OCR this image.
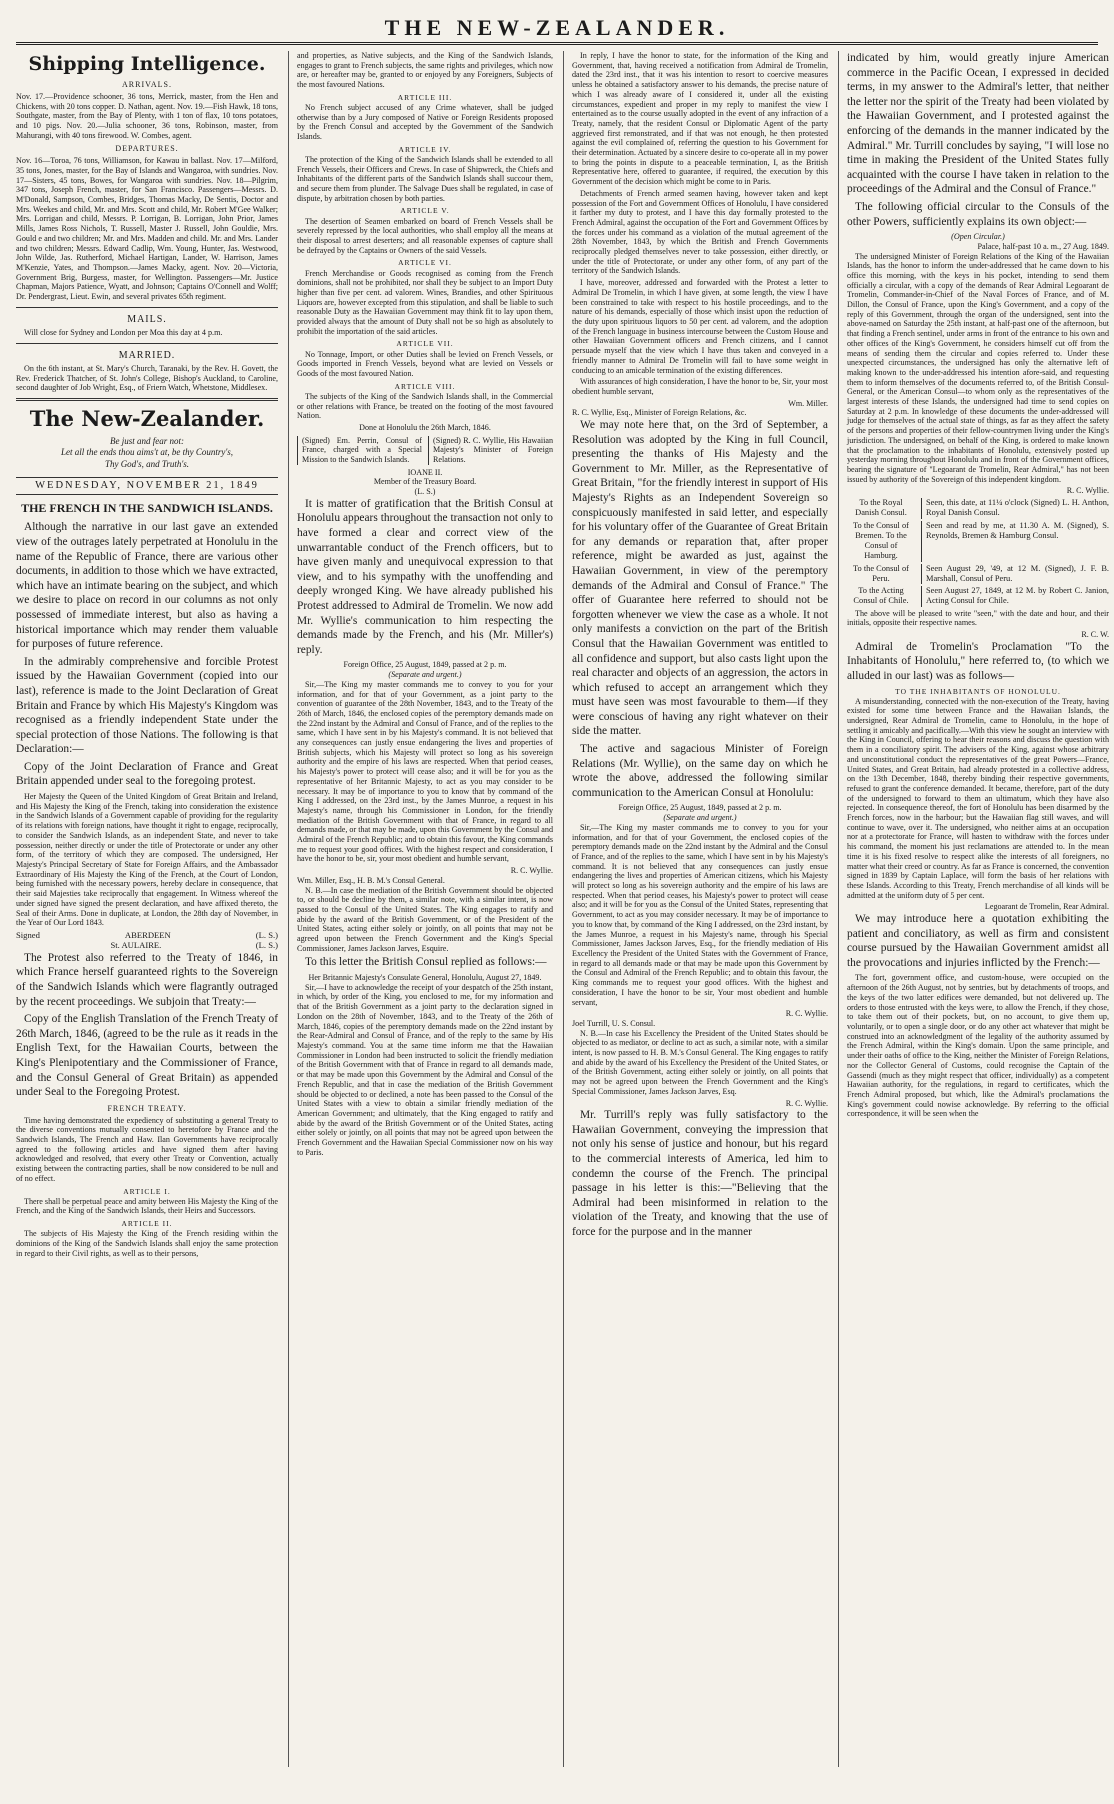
THE NEW-ZEALANDER.
Shipping Intelligence.
ARRIVALS.

Nov. 17.—Providence schooner, 36 tons, Merrick, master, from the Hen and Chickens, with 20 tons copper. D. Nathan, agent. Nov. 19.—Fish Hawk, 18 tons, Southgate, master, from the Bay of Plenty, with 1 ton of flax, 10 tons potatoes, and 10 pigs. Nov. 20.—Julia schooner, 36 tons, Robinson, master, from Mahurangi, with 40 tons firewood. W. Combes, agent.

DEPARTURES.

Nov. 16—Toroa, 76 tons, Williamson, for Kawau in ballast. Nov. 17—Milford, 35 tons, Jones, master, for the Bay of Islands and Wangaroa, with sundries. Nov. 17—Sisters, 45 tons, Bowes, for Wangaroa with sundries. Nov. 18—Pilgrim, 347 tons, Joseph French, master, for San Francisco. Passengers—Messrs. D. M'Donald, Sampson, Combes, Bridges, Thomas Macky, De Sentis, Doctor and Mrs. Weekes and child, Mr. and Mrs. Scott and child, Mr. Robert M'Gee Walker; Mrs. Lorrigan and child, Messrs. P. Lorrigan, B. Lorrigan, John Prior, James Mills, James Ross Nichols, T. Russell, Master J. Russell, John Gouldie, Mrs. Gould e and two children; Mr. and Mrs. Madden and child. Mr. and Mrs. Lander and two children; Messrs. Edward Cadlip, Wm. Young, Hunter, Jas. Westwood, John Wilde, Jas. Rutherford, Michael Hartigan, Lander, W. Harrison, James M'Kenzie, Yates, and Thompson.—James Macky, agent. Nov. 20—Victoria, Government Brig, Burgess, master, for Wellington. Passengers—Mr. Justice Chapman, Majors Patience, Wyatt, and Johnson; Captains O'Connell and Wolff; Dr. Pendergrast, Lieut. Ewin, and several privates 65th regiment.

MAILS.

Will close for Sydney and London per Moa this day at 4 p.m.

MARRIED.

On the 6th instant, at St. Mary's Church, Taranaki, by the Rev. H. Govett, the Rev. Frederick Thatcher, of St. John's College, Bishop's Auckland, to Caroline, second daughter of Job Wright, Esq., of Friern Watch, Whetstone, Middlesex.

The New-Zealander.
Be just and fear not:
Let all the ends thou aims't at, be thy Country's,
Thy God's, and Truth's.
WEDNESDAY, NOVEMBER 21, 1849
THE FRENCH IN THE SANDWICH ISLANDS.

Although the narrative in our last gave an extended view of the outrages lately perpetrated at Honolulu in the name of the Republic of France, there are various other documents, in addition to those which we have extracted, which have an intimate bearing on the subject, and which we desire to place on record in our columns as not only possessed of immediate interest, but also as having a historical importance which may render them valuable for purposes of future reference.

In the admirably comprehensive and forcible Protest issued by the Hawaiian Government (copied into our last), reference is made to the Joint Declaration of Great Britain and France by which His Majesty's Kingdom was recognised as a friendly independent State under the special protection of those Nations. The following is that Declaration:—

Copy of the Joint Declaration of France and Great Britain appended under seal to the foregoing protest.

Her Majesty the Queen of the United Kingdom of Great Britain and Ireland, and His Majesty the King of the French, taking into consideration the existence in the Sandwich Islands of a Government capable of providing for the regularity of its relations with foreign nations, have thought it right to engage, reciprocally, to consider the Sandwich Islands, as an independent State, and never to take possession, neither directly or under the title of Protectorate or under any other form, of the territory of which they are composed. The undersigned, Her Majesty's Principal Secretary of State for Foreign Affairs, and the Ambassador Extraordinary of His Majesty the King of the French, at the Court of London, being furnished with the necessary powers, hereby declare in consequence, that their said Majesties take reciprocally that engagement. In Witness whereof the under signed have signed the present declaration, and have affixed thereto, the Seal of their Arms. Done in duplicate, at London, the 28th day of November, in the Year of Our Lord 1843.

Signed	ABERDEEN	(L. S.)
St. AULAIRE.	(L. S.)

The Protest also referred to the Treaty of 1846, in which France herself guaranteed rights to the Sovereign of the Sandwich Islands which were flagrantly outraged by the recent proceedings. We subjoin that Treaty:—

Copy of the English Translation of the French Treaty of 26th March, 1846, (agreed to be the rule as it reads in the English Text, for the Hawaiian Courts, between the King's Plenipotentiary and the Commissioner of France, and the Consul General of Great Britain) as appended under Seal to the Foregoing Protest.

FRENCH TREATY.

Time having demonstrated the expediency of substituting a general Treaty to the diverse conventions mutually consented to heretofore by France and the Sandwich Islands, The French and Haw. Ilan Governments have reciprocally agreed to the following articles and have signed them after having acknowledged and resolved, that every other Treaty or Convention, actually existing between the contracting parties, shall be now considered to be null and of no effect.

ARTICLE I.

There shall be perpetual peace and amity between His Majesty the King of the French, and the King of the Sandwich Islands, their Heirs and Successors.

ARTICLE II.

The subjects of His Majesty the King of the French residing within the dominions of the King of the Sandwich Islands shall enjoy the same protection in regard to their Civil rights, as well as to their persons,

and properties, as Native subjects, and the King of the Sandwich Islands, engages to grant to French subjects, the same rights and privileges, which now are, or hereafter may be, granted to or enjoyed by any Foreigners, Subjects of the most favoured Nations.

ARTICLE III.

No French subject accused of any Crime whatever, shall be judged otherwise than by a Jury composed of Native or Foreign Residents proposed by the French Consul and accepted by the Government of the Sandwich Islands.

ARTICLE IV.

The protection of the King of the Sandwich Islands shall be extended to all French Vessels, their Officers and Crews. In case of Shipwreck, the Chiefs and Inhabitants of the different parts of the Sandwich Islands shall succour them, and secure them from plunder. The Salvage Dues shall be regulated, in case of dispute, by arbitration chosen by both parties.

ARTICLE V.

The desertion of Seamen embarked on board of French Vessels shall be severely repressed by the local authorities, who shall employ all the means at their disposal to arrest deserters; and all reasonable expenses of capture shall be defrayed by the Captains or Owners of the said Vessels.

ARTICLE VI.

French Merchandise or Goods recognised as coming from the French dominions, shall not be prohibited, nor shall they be subject to an Import Duty higher than five per cent. ad valorem. Wines, Brandies, and other Spirituous Liquors are, however excepted from this stipulation, and shall be liable to such reasonable Duty as the Hawaiian Government may think fit to lay upon them, provided always that the amount of Duty shall not be so high as absolutely to prohibit the importation of the said articles.

ARTICLE VII.

No Tonnage, Import, or other Duties shall be levied on French Vessels, or Goods imported in French Vessels, beyond what are levied on Vessels or Goods of the most favoured Nation.

ARTICLE VIII.

The subjects of the King of the Sandwich Islands shall, in the Commercial or other relations with France, be treated on the footing of the most favoured Nation.

Done at Honolulu the 26th March, 1846.
(Signed) Em. Perrin, Consul of France, charged with a Special Mission to the Sandwich Islands.
(Signed) R. C. Wyllie, His Hawaiian Majesty's Minister of Foreign Relations.
IOANE II.
Member of the Treasury Board.
(L. S.)

It is matter of gratification that the British Consul at Honolulu appears throughout the transaction not only to have formed a clear and correct view of the unwarrantable conduct of the French officers, but to have given manly and unequivocal expression to that view, and to his sympathy with the unoffending and deeply wronged King. We have already published his Protest addressed to Admiral de Tromelin. We now add Mr. Wyllie's communication to him respecting the demands made by the French, and his (Mr. Miller's) reply.

Foreign Office, 25 August, 1849, passed at 2 p. m.
(Separate and urgent.)

Sir,—The King my master commands me to convey to you for your information, and for that of your Government, as a joint party to the convention of guarantee of the 28th November, 1843, and to the Treaty of the 26th of March, 1846, the enclosed copies of the peremptory demands made on the 22nd instant by the Admiral and Consul of France, and of the replies to the same, which I have sent in by his Majesty's command. It is not believed that any consequences can justly ensue endangering the lives and properties of British subjects, which his Majesty will protect so long as his sovereign authority and the empire of his laws are respected. When that period ceases, his Majesty's power to protect will cease also; and it will be for you as the representative of her Britannic Majesty, to act as you may consider to be necessary. It may be of importance to you to know that by command of the King I addressed, on the 23rd inst., by the James Munroe, a request in his Majesty's name, through his Commissioner in London, for the friendly mediation of the British Government with that of France, in regard to all demands made, or that may be made, upon this Government by the Consul and Admiral of the French Republic; and to obtain this favour, the King commands me to request your good offices. With the highest respect and consideration, I have the honor to be, sir, your most obedient and humble servant,

R. C. Wyllie.
Wm. Miller, Esq., H. B. M.'s Consul General.

N. B.—In case the mediation of the British Government should be objected to, or should be decline by them, a similar note, with a similar intent, is now passed to the Consul of the United States. The King engages to ratify and abide by the award of the British Government, or of the President of the United States, acting either solely or jointly, on all points that may not be agreed upon between the French Government and the King's Special Commissioner, James Jackson Jarves, Esquire.

To this letter the British Consul replied as follows:—

Her Britannic Majesty's Consulate General, Honolulu, August 27, 1849.

Sir,—I have to acknowledge the receipt of your despatch of the 25th instant, in which, by order of the King, you enclosed to me, for my information and that of the British Government as a joint party to the declaration signed in London on the 28th of November, 1843, and to the Treaty of the 26th of March, 1846, copies of the peremptory demands made on the 22nd instant by the Rear-Admiral and Consul of France, and of the reply to the same by His Majesty's command. You at the same time inform me that the Hawaiian Commissioner in London had been instructed to solicit the friendly mediation of the British Government with that of France in regard to all demands made, or that may be made upon this Government by the Admiral and Consul of the French Republic, and that in case the mediation of the British Government should be objected to or declined, a note has been passed to the Consul of the United States with a view to obtain a similar friendly mediation of the American Government; and ultimately, that the King engaged to ratify and abide by the award of the British Government or of the United States, acting either solely or jointly, on all points that may not be agreed upon between the French Government and the Hawaiian Special Commissioner now on his way to Paris.

In reply, I have the honor to state, for the information of the King and Government, that, having received a notification from Admiral de Tromelin, dated the 23rd inst., that it was his intention to resort to coercive measures unless he obtained a satisfactory answer to his demands, the precise nature of which I was already aware of I considered it, under all the existing circumstances, expedient and proper in my reply to manifest the view I entertained as to the course usually adopted in the event of any infraction of a Treaty, namely, that the resident Consul or Diplomatic Agent of the party aggrieved first remonstrated, and if that was not enough, he then protested against the evil complained of, referring the question to his Government for their determination. Actuated by a sincere desire to co-operate all in my power to bring the points in dispute to a peaceable termination, I, as the British Representative here, offered to guarantee, if required, the execution by this Government of the decision which might be come to in Paris.

Detachments of French armed seamen having, however taken and kept possession of the Fort and Government Offices of Honolulu, I have considered it farther my duty to protest, and I have this day formally protested to the French Admiral, against the occupation of the Fort and Government Offices by the forces under his command as a violation of the mutual agreement of the 28th November, 1843, by which the British and French Governments reciprocally pledged themselves never to take possession, either directly, or under the title of Protectorate, or under any other form, of any part of the territory of the Sandwich Islands.

I have, moreover, addressed and forwarded with the Protest a letter to Admiral De Tromelin, in which I have given, at some length, the view I have been constrained to take with respect to his hostile proceedings, and to the nature of his demands, especially of those which insist upon the reduction of the duty upon spirituous liquors to 50 per cent. ad valorem, and the adoption of the French language in business intercourse between the Custom House and other Hawaiian Government officers and French citizens, and I cannot persuade myself that the view which I have thus taken and conveyed in a friendly manner to Admiral De Tromelin will fail to have some weight in conducing to an amicable termination of the existing differences.

With assurances of high consideration, I have the honor to be, Sir, your most obedient humble servant,

Wm. Miller.
R. C. Wyllie, Esq., Minister of Foreign Relations, &c.

We may note here that, on the 3rd of September, a Resolution was adopted by the King in full Council, presenting the thanks of His Majesty and the Government to Mr. Miller, as the Representative of Great Britain, "for the friendly interest in support of His Majesty's Rights as an Independent Sovereign so conspicuously manifested in said letter, and especially for his voluntary offer of the Guarantee of Great Britain for any demands or reparation that, after proper reference, might be awarded as just, against the Hawaiian Government, in view of the peremptory demands of the Admiral and Consul of France." The offer of Guarantee here referred to should not be forgotten whenever we view the case as a whole. It not only manifests a conviction on the part of the British Consul that the Hawaiian Government was entitled to all confidence and support, but also casts light upon the real character and objects of an aggression, the actors in which refused to accept an arrangement which they must have seen was most favourable to them—if they were conscious of having any right whatever on their side the matter.

The active and sagacious Minister of Foreign Relations (Mr. Wyllie), on the same day on which he wrote the above, addressed the following similar communication to the American Consul at Honolulu:

Foreign Office, 25 August, 1849, passed at 2 p. m.
(Separate and urgent.)

Sir,—The King my master commands me to convey to you for your information, and for that of your Government, the enclosed copies of the peremptory demands made on the 22nd instant by the Admiral and the Consul of France, and of the replies to the same, which I have sent in by his Majesty's command. It is not believed that any consequences can justly ensue endangering the lives and properties of American citizens, which his Majesty will protect so long as his sovereign authority and the empire of his laws are respected. When that period ceases, his Majesty's power to protect will cease also; and it will be for you as the Consul of the United States, representing that Government, to act as you may consider necessary. It may be of importance to you to know that, by command of the King I addressed, on the 23rd instant, by the James Munroe, a request in his Majesty's name, through his Special Commissioner, James Jackson Jarves, Esq., for the friendly mediation of His Excellency the President of the United States with the Government of France, in regard to all demands made or that may be made upon this Government by the Consul and Admiral of the French Republic; and to obtain this favour, the King commands me to request your good offices. With the highest and consideration, I have the honor to be sir, Your most obedient and humble servant,

R. C. Wyllie.
Joel Turrill, U. S. Consul.

N. B.—In case his Excellency the President of the United States should be objected to as mediator, or decline to act as such, a similar note, with a similar intent, is now passed to H. B. M.'s Consul General. The King engages to ratify and abide by the award of his Excellency the President of the United States, or of the British Government, acting either solely or jointly, on all points that may not be agreed upon between the French Government and the King's Special Commissioner, James Jackson Jarves, Esq.

R. C. Wyllie.

Mr. Turrill's reply was fully satisfactory to the Hawaiian Government, conveying the impression that not only his sense of justice and honour, but his regard to the commercial interests of America, led him to condemn the course of the French. The principal passage in his letter is this:—"Believing that the Admiral had been misinformed in relation to the violation of the Treaty, and knowing that the use of force for the purpose and in the manner

indicated by him, would greatly injure American commerce in the Pacific Ocean, I expressed in decided terms, in my answer to the Admiral's letter, that neither the letter nor the spirit of the Treaty had been violated by the Hawaiian Government, and I protested against the enforcing of the demands in the manner indicated by the Admiral." Mr. Turrill concludes by saying, "I will lose no time in making the President of the United States fully acquainted with the course I have taken in relation to the proceedings of the Admiral and the Consul of France."

The following official circular to the Consuls of the other Powers, sufficiently explains its own object:—

(Open Circular.)
Palace, half-past 10 a. m., 27 Aug. 1849.

The undersigned Minister of Foreign Relations of the King of the Hawaiian Islands, has the honor to inform the under-addressed that he came down to his office this morning, with the keys in his pocket, intending to send them officially a circular, with a copy of the demands of Rear Admiral Legoarant de Tromelin, Commander-in-Chief of the Naval Forces of France, and of M. Dillon, the Consul of France, upon the King's Government, and a copy of the reply of this Government, through the organ of the undersigned, sent into the above-named on Saturday the 25th instant, at half-past one of the afternoon, but that finding a French sentinel, under arms in front of the entrance to his own and other offices of the King's Government, he considers himself cut off from the means of sending them the circular and copies referred to. Under these unexpected circumstances, the undersigned has only the alternative left of making known to the under-addressed his intention afore-said, and requesting them to inform themselves of the documents referred to, of the British Consul-General, or the American Consul—to whom only as the representatives of the largest interests of these Islands, the undersigned had time to send copies on Saturday at 2 p.m. In knowledge of these documents the under-addressed will judge for themselves of the actual state of things, as far as they affect the safety of the persons and properties of their fellow-countrymen living under the King's jurisdiction. The undersigned, on behalf of the King, is ordered to make known that the proclamation to the inhabitants of Honolulu, extensively posted up yesterday morning throughout Honolulu and in front of the Government offices, bearing the signature of "Legoarant de Tromelin, Rear Admiral," has not been issued by authority of the Sovereign of this independent kingdom.

R. C. Wyllie.
To the Royal Danish Consul.
Seen, this date, at 11¼ o'clock (Signed) L. H. Anthon, Royal Danish Consul.
To the Consul of Bremen. To the Consul of Hamburg.
Seen and read by me, at 11.30 A. M. (Signed), S. Reynolds, Bremen & Hamburg Consul.
To the Consul of Peru.
Seen August 29, '49, at 12 M. (Signed), J. F. B. Marshall, Consul of Peru.
To the Acting Consul of Chile.
Seen August 27, 1849, at 12 M. by Robert C. Janion, Acting Consul for Chile.

The above will be pleased to write "seen," with the date and hour, and their initials, opposite their respective names.

R. C. W.

Admiral de Tromelin's Proclamation "To the Inhabitants of Honolulu," here referred to, (to which we alluded in our last) was as follows—

TO THE INHABITANTS OF HONOLULU.

A misunderstanding, connected with the non-execution of the Treaty, having existed for some time between France and the Hawaiian Islands, the undersigned, Rear Admiral de Tromelin, came to Honolulu, in the hope of settling it amicably and pacifically.—With this view he sought an interview with the King in Council, offering to hear their reasons and discuss the question with them in a conciliatory spirit. The advisers of the King, against whose arbitrary and unconstitutional conduct the representatives of the great Powers—France, United States, and Great Britain, had already protested in a collective address, on the 13th December, 1848, thereby binding their respective governments, refused to grant the conference demanded. It became, therefore, part of the duty of the undersigned to forward to them an ultimatum, which they have also rejected. In consequence thereof, the fort of Honolulu has been disarmed by the French forces, now in the harbour; but the Hawaiian flag still waves, and will continue to wave, over it. The undersigned, who neither aims at an occupation nor at a protectorate for France, will hasten to withdraw with the forces under his command, the moment his just reclamations are attended to. In the mean time it is his fixed resolve to respect alike the interests of all foreigners, no matter what their creed or country. As far as France is concerned, the convention signed in 1839 by Captain Laplace, will form the basis of her relations with these Islands. According to this Treaty, French merchandise of all kinds will be admitted at the uniform duty of 5 per cent.

Legoarant de Tromelin, Rear Admiral.

We may introduce here a quotation exhibiting the patient and conciliatory, as well as firm and consistent course pursued by the Hawaiian Government amidst all the provocations and injuries inflicted by the French:—

The fort, government office, and custom-house, were occupied on the afternoon of the 26th August, not by sentries, but by detachments of troops, and the keys of the two latter edifices were demanded, but not delivered up. The orders to those entrusted with the keys were, to allow the French, if they chose, to take them out of their pockets, but, on no account, to give them up, voluntarily, or to open a single door, or do any other act whatever that might be construed into an acknowledgment of the legality of the authority assumed by the French Admiral, within the King's domain. Upon the same principle, and under their oaths of office to the King, neither the Minister of Foreign Relations, nor the Collector General of Customs, could recognise the Captain of the Gassendi (much as they might respect that officer, individually) as a competent Hawaiian authority, for the regulations, in regard to certificates, which the French Admiral proposed, but which, like the Admiral's proclamations the King's government could nowise acknowledge. By referring to the official correspondence, it will be seen when the
